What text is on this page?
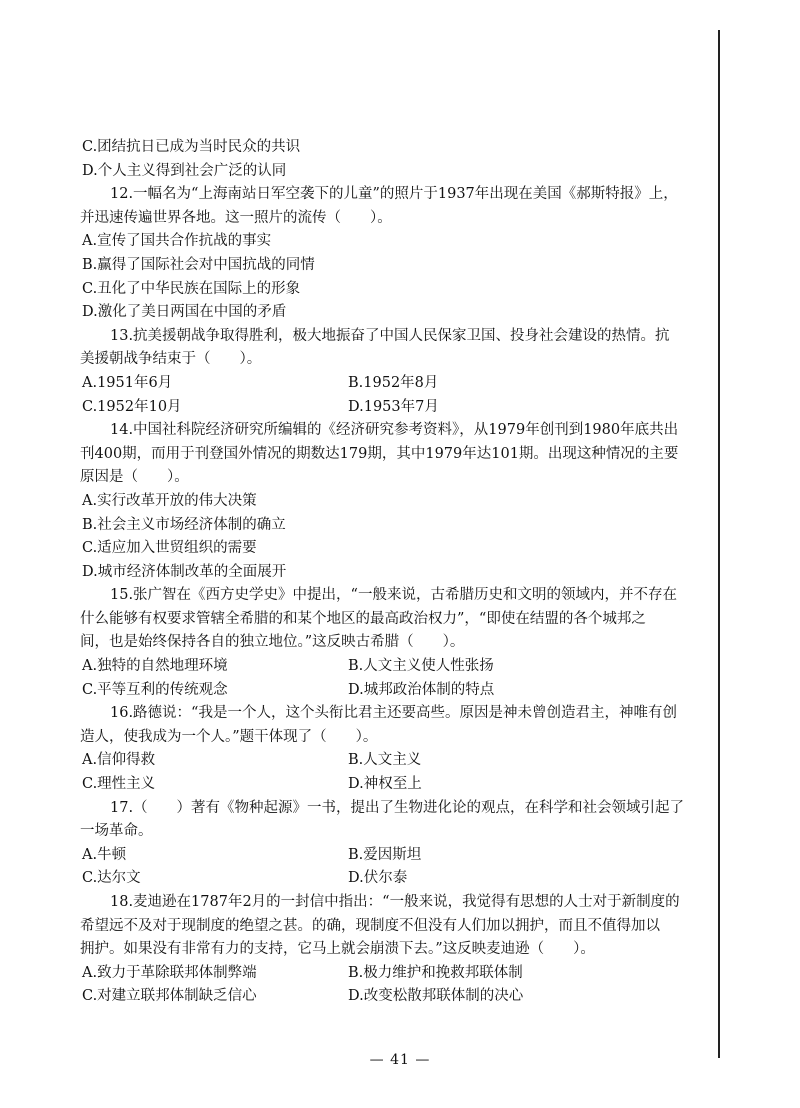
C.团结抗日已成为当时民众的共识
D.个人主义得到社会广泛的认同
12.一幅名为“上海南站日军空袭下的儿童”的照片于1937年出现在美国《郝斯特报》上，
并迅速传遍世界各地。这一照片的流传（　　）。
A.宣传了国共合作抗战的事实
B.赢得了国际社会对中国抗战的同情
C.丑化了中华民族在国际上的形象
D.激化了美日两国在中国的矛盾
13.抗美援朝战争取得胜利，极大地振奋了中国人民保家卫国、投身社会建设的热情。抗
美援朝战争结束于（　　）。
A.1951年6月	B.1952年8月
C.1952年10月	D.1953年7月
14.中国社科院经济研究所编辑的《经济研究参考资料》，从1979年创刊到1980年底共出
刊400期，而用于刊登国外情况的期数达179期，其中1979年达101期。出现这种情况的主要
原因是（　　）。
A.实行改革开放的伟大决策
B.社会主义市场经济体制的确立
C.适应加入世贸组织的需要
D.城市经济体制改革的全面展开
15.张广智在《西方史学史》中提出，“一般来说，古希腊历史和文明的领域内，并不存在
什么能够有权要求管辖全希腊的和某个地区的最高政治权力”，“即使在结盟的各个城邦之
间，也是始终保持各自的独立地位。”这反映古希腊（　　）。
A.独特的自然地理环境	B.人文主义使人性张扬
C.平等互利的传统观念	D.城邦政治体制的特点
16.路德说：“我是一个人，这个头衔比君主还要高些。原因是神未曾创造君主，神唯有创
造人，使我成为一个人。”题干体现了（　　）。
A.信仰得救	B.人文主义
C.理性主义	D.神权至上
17.（　　）著有《物种起源》一书，提出了生物进化论的观点，在科学和社会领域引起了
一场革命。
A.牛顿	B.爱因斯坦
C.达尔文	D.伏尔泰
18.麦迪逊在1787年2月的一封信中指出：“一般来说，我觉得有思想的人士对于新制度的
希望远不及对于现制度的绝望之甚。的确，现制度不但没有人们加以拥护，而且不值得加以
拥护。如果没有非常有力的支持，它马上就会崩溃下去。”这反映麦迪逊（　　）。
A.致力于革除联邦体制弊端	B.极力维护和挽救邦联体制
C.对建立联邦体制缺乏信心	D.改变松散邦联体制的决心
— 41 —
